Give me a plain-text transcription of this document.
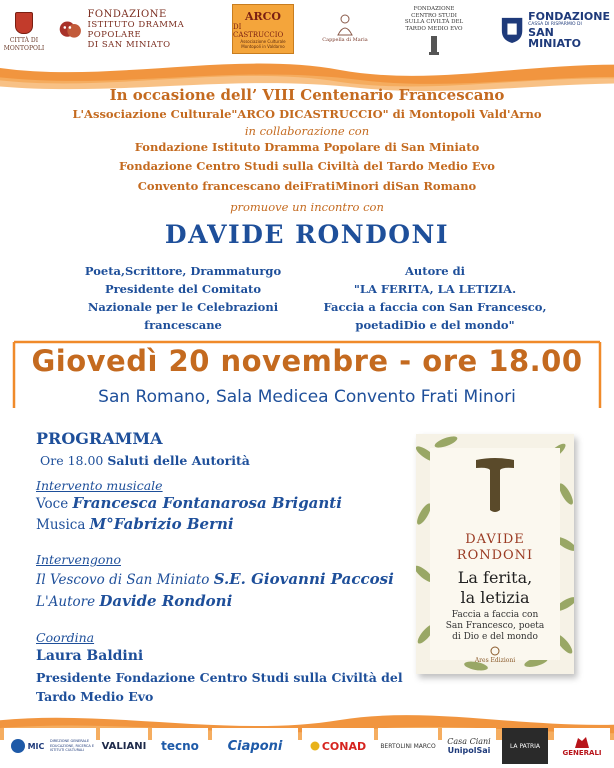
CITTÀ DI MONTOPOLI
FONDAZIONE
ISTITUTO DRAMMA POPOLARE
DI SAN MINIATO
ARCO
DI CASTRUCCIO
Associazione Culturale Montopoli in Valdarno
Cappella di Maria
FONDAZIONE
CENTRO STUDI
SULLA CIVILTÀ DEL
TARDO MEDIO EVO
FONDAZIONE
CASSA DI RISPARMIO DI
SAN MINIATO
In occasione dell’ VIII Centenario Francescano
L'Associazione Culturale"ARCO DICASTRUCCIO" di Montopoli Vald'Arno
in collaborazione con
Fondazione Istituto Dramma Popolare di San Miniato
Fondazione Centro Studi sulla Civiltà del Tardo Medio Evo
Convento francescano deiFratiMinori diSan Romano
promuove un incontro con
DAVIDE RONDONI
Poeta,Scrittore, Drammaturgo
Presidente del Comitato
Nazionale per le Celebrazioni
francescane
Autore di
"LA FERITA, LA LETIZIA.
Faccia a faccia con San Francesco,
poetadiDio e del mondo"
Giovedì 20 novembre - ore 18.00
San Romano, Sala Medicea Convento Frati Minori
PROGRAMMA
Ore 18.00 Saluti delle Autorità
Intervento musicale
Voce Francesca Fontanarosa Briganti
Musica M°Fabrizio Berni
Intervengono
Il Vescovo di San Miniato S.E. Giovanni Paccosi
L'Autore Davide Rondoni
Coordina
Laura Baldini
Presidente Fondazione Centro Studi sulla Civiltà del
Tardo Medio Evo
DAVIDE
RONDONI
La ferita,
la letizia
Faccia a faccia con
San Francesco, poeta
di Dio e del mondo
Ares Edizioni
MIC
DIREZIONE GENERALE EDUCAZIONE, RICERCA E ISTITUTI CULTURALI	VALIANI tecno Ciaponi	CONAD	BERTOLINI MARCO Casa Ciani
UnipolSai	LA PATRIA
GENERALI
